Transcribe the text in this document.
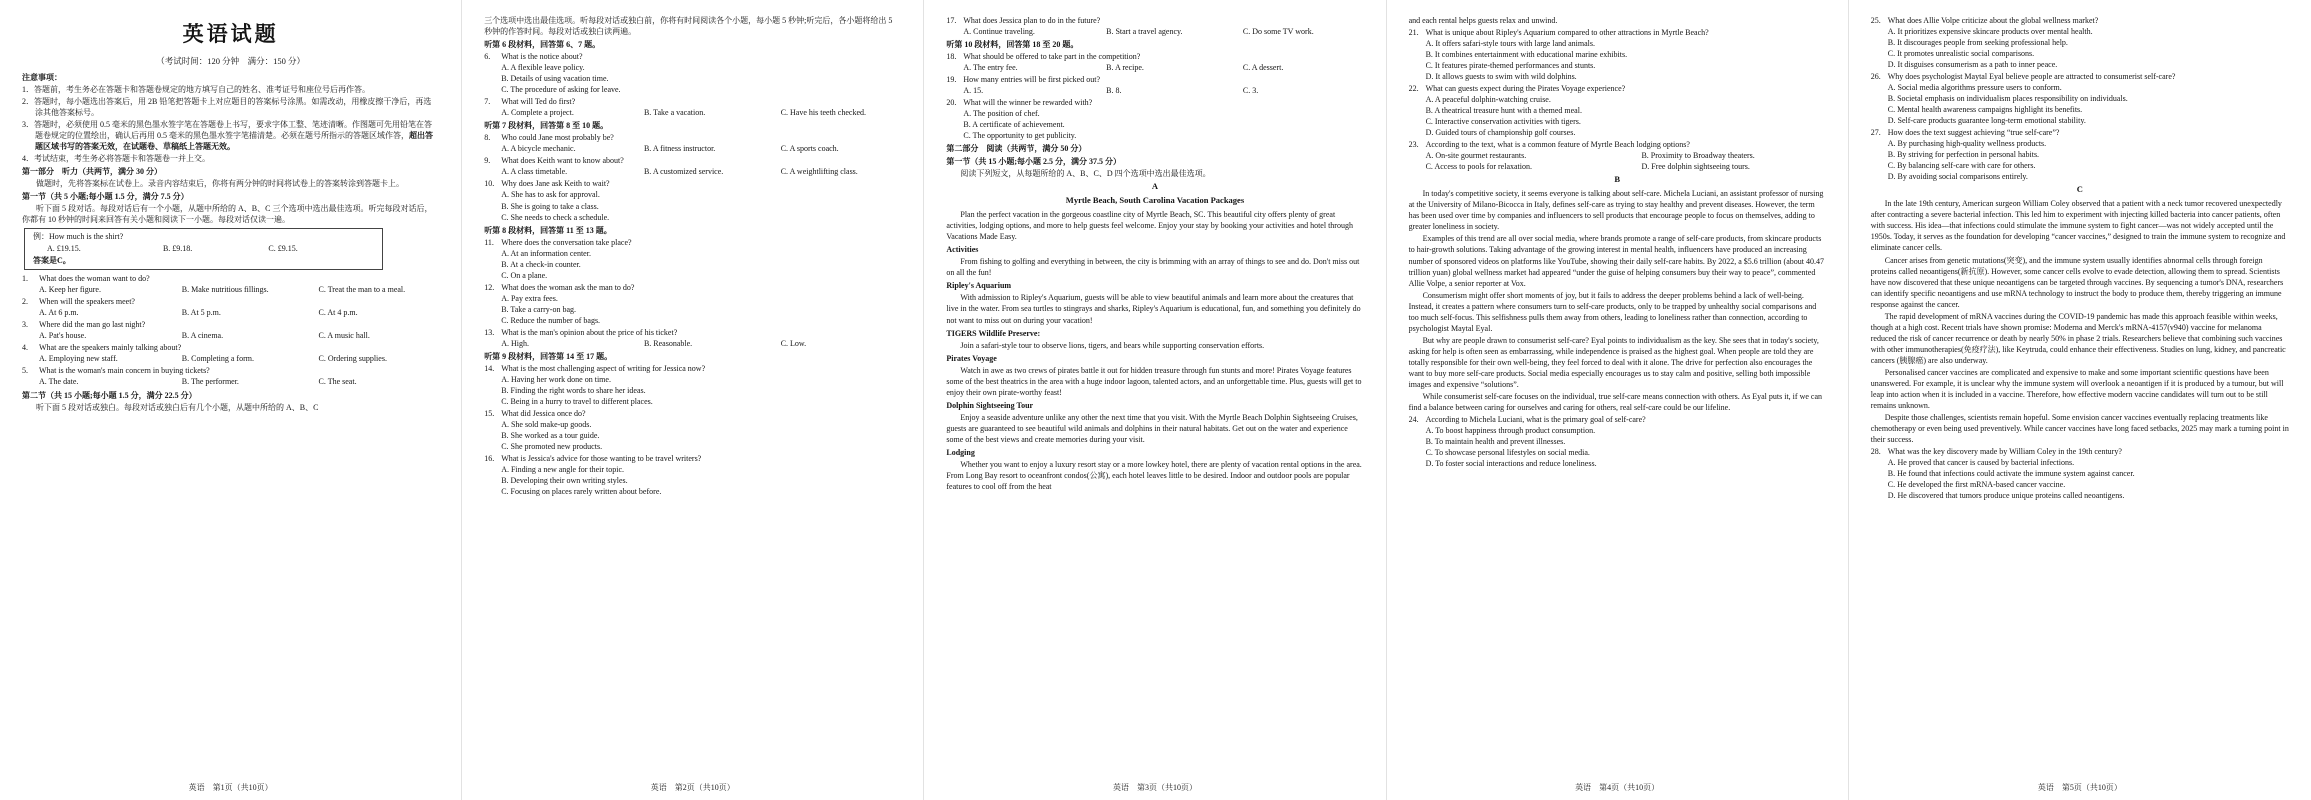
英语试题
（考试时间：120 分钟　满分：150 分）
注意事项：

1．答题前，考生务必在答题卡和答题卷规定的地方填写自己的姓名、准考证号和座位号后再作答。

2．答题时，每小题选出答案后，用 2B 铅笔把答题卡上对应题目的答案标号涂黑。如需改动，用橡皮擦干净后，再选涂其他答案标号。

3．答题时，必须使用 0.5 毫米的黑色墨水签字笔在答题卷上书写，要求字体工整、笔迹清晰。作图题可先用铅笔在答题卷规定的位置绘出，确认后再用 0.5 毫米的黑色墨水签字笔描清楚。必须在题号所指示的答题区域作答，超出答题区域书写的答案无效，在试题卷、草稿纸上答题无效。

4．考试结束，考生务必将答题卡和答题卷一并上交。

第一部分　听力（共两节，满分 30 分）

做题时，先将答案标在试卷上。录音内容结束后，你将有两分钟的时间将试卷上的答案转涂到答题卡上。

第一节（共 5 小题;每小题 1.5 分，满分 7.5 分）

听下面 5 段对话。每段对话后有一个小题，从题中所给的 A、B、C 三个选项中选出最佳选项。听完每段对话后，你都有 10 秒钟的时间来回答有关小题和阅读下一小题。每段对话仅读一遍。

例：How much is the shirt?
A. £19.15.	B. £9.18.	C. £9.15.
答案是C。
1.	What does the woman want to do?
A. Keep her figure.	B. Make nutritious fillings.	C. Treat the man to a meal.
2.	When will the speakers meet?
A. At 6 p.m.	B. At 5 p.m.	C. At 4 p.m.
3.	Where did the man go last night?
A. Pat's house.	B. A cinema.	C. A music hall.
4.	What are the speakers mainly talking about?
A. Employing new staff.	B. Completing a form.	C. Ordering supplies.
5.	What is the woman's main concern in buying tickets?
A. The date.	B. The performer.	C. The seat.
第二节（共 15 小题;每小题 1.5 分，满分 22.5 分）

听下面 5 段对话或独白。每段对话或独白后有几个小题，从题中所给的 A、B、C

英语　第1页（共10页）

三个选项中选出最佳选项。听每段对话或独白前，你将有时间阅读各个小题，每小题 5 秒钟;听完后，各小题将给出 5 秒钟的作答时间。每段对话或独白读两遍。

听第 6 段材料，回答第 6、7 题。
6.	What is the notice about?
A. A flexible leave policy.
B. Details of using vacation time.
C. The procedure of asking for leave.
7.	What will Ted do first?
A. Complete a project.	B. Take a vacation.	C. Have his teeth checked.
听第 7 段材料，回答第 8 至 10 题。
8.	Who could Jane most probably be?
A. A bicycle mechanic.	B. A fitness instructor.	C. A sports coach.
9.	What does Keith want to know about?
A. A class timetable.	B. A customized service.	C. A weightlifting class.
10. Why does Jane ask Keith to wait?
A. She has to ask for approval.
B. She is going to take a class.
C. She needs to check a schedule.
听第 8 段材料，回答第 11 至 13 题。
11. Where does the conversation take place?
A. At an information center.
B. At a check-in counter.
C. On a plane.
12. What does the woman ask the man to do?
A. Pay extra fees.
B. Take a carry-on bag.
C. Reduce the number of bags.
13. What is the man's opinion about the price of his ticket?
A. High.	B. Reasonable.	C. Low.
听第 9 段材料，回答第 14 至 17 题。
14. What is the most challenging aspect of writing for Jessica now?
A. Having her work done on time.
B. Finding the right words to share her ideas.
C. Being in a hurry to travel to different places.
15. What did Jessica once do?
A. She sold make-up goods.
B. She worked as a tour guide.
C. She promoted new products.
16. What is Jessica's advice for those wanting to be travel writers?
A. Finding a new angle for their topic.
B. Developing their own writing styles.
C. Focusing on places rarely written about before.
英语　第2页（共10页）
17. What does Jessica plan to do in the future?
A. Continue traveling.	B. Start a travel agency.	C. Do some TV work.
听第 10 段材料，回答第 18 至 20 题。
18. What should be offered to take part in the competition?
A. The entry fee.	B. A recipe.	C. A dessert.
19. How many entries will be first picked out?
A. 15.	B. 8.	C. 3.
20. What will the winner be rewarded with?
A. The position of chef.
B. A certificate of achievement.
C. The opportunity to get publicity.
第二部分　阅读（共两节，满分 50 分）
第一节（共 15 小题;每小题 2.5 分，满分 37.5 分）

阅读下列短文，从每题所给的 A、B、C、D 四个选项中选出最佳选项。

A
Myrtle Beach, South Carolina Vacation Packages

Plan the perfect vacation in the gorgeous coastline city of Myrtle Beach, SC. This beautiful city offers plenty of great activities, lodging options, and more to help guests feel welcome. Enjoy your stay by booking your activities and hotel through Vacations Made Easy.

Activities

From fishing to golfing and everything in between, the city is brimming with an array of things to see and do. Don't miss out on all the fun!

Ripley's Aquarium

With admission to Ripley's Aquarium, guests will be able to view beautiful animals and learn more about the creatures that live in the water. From sea turtles to stingrays and sharks, Ripley's Aquarium is educational, fun, and something you definitely do not want to miss out on during your vacation!

TIGERS Wildlife Preserve:

Join a safari-style tour to observe lions, tigers, and bears while supporting conservation efforts.

Pirates Voyage

Watch in awe as two crews of pirates battle it out for hidden treasure through fun stunts and more! Pirates Voyage features some of the best theatrics in the area with a huge indoor lagoon, talented actors, and an unforgettable time. Plus, guests will get to enjoy their own pirate-worthy feast!

Dolphin Sightseeing Tour

Enjoy a seaside adventure unlike any other the next time that you visit. With the Myrtle Beach Dolphin Sightseeing Cruises, guests are guaranteed to see beautiful wild animals and dolphins in their natural habitats. Get out on the water and experience some of the best views and create memories during your visit.

Lodging

Whether you want to enjoy a luxury resort stay or a more lowkey hotel, there are plenty of vacation rental options in the area. From Long Bay resort to oceanfront condos(公寓), each hotel leaves little to be desired. Indoor and outdoor pools are popular features to cool off from the heat

英语　第3页（共10页）

and each rental helps guests relax and unwind.

21. What is unique about Ripley's Aquarium compared to other attractions in Myrtle Beach?
A. It offers safari-style tours with large land animals.
B. It combines entertainment with educational marine exhibits.
C. It features pirate-themed performances and stunts.
D. It allows guests to swim with wild dolphins.
22. What can guests expect during the Pirates Voyage experience?
A. A peaceful dolphin-watching cruise.
B. A theatrical treasure hunt with a themed meal.
C. Interactive conservation activities with tigers.
D. Guided tours of championship golf courses.
23. According to the text, what is a common feature of Myrtle Beach lodging options?
A. On-site gourmet restaurants.	B. Proximity to Broadway theaters.
C. Access to pools for relaxation.	D. Free dolphin sightseeing tours.
B

In today's competitive society, it seems everyone is talking about self-care. Michela Luciani, an assistant professor of nursing at the University of Milano-Bicocca in Italy, defines self-care as trying to stay healthy and prevent diseases. However, the term has been used over time by companies and influencers to sell products that encourage people to focus on themselves, adding to greater loneliness in society.

Examples of this trend are all over social media, where brands promote a range of self-care products, from skincare products to hair-growth solutions. Taking advantage of the growing interest in mental health, influencers have produced an increasing number of sponsored videos on platforms like YouTube, showing their daily self-care habits. By 2022, a $5.6 trillion (about 40.47 trillion yuan) global wellness market had appeared “under the guise of helping consumers buy their way to peace”, commented Allie Volpe, a senior reporter at Vox.

Consumerism might offer short moments of joy, but it fails to address the deeper problems behind a lack of well-being. Instead, it creates a pattern where consumers turn to self-care products, only to be trapped by unhealthy social comparisons and too much self-focus. This selfishness pulls them away from others, leading to loneliness rather than connection, according to psychologist Maytal Eyal.

But why are people drawn to consumerist self-care? Eyal points to individualism as the key. She sees that in today's society, asking for help is often seen as embarrassing, while independence is praised as the highest goal. When people are told they are totally responsible for their own well-being, they feel forced to deal with it alone. The drive for perfection also encourages the want to buy more self-care products. Social media especially encourages us to stay calm and positive, selling both impossible images and expensive “solutions”.

While consumerist self-care focuses on the individual, true self-care means connection with others. As Eyal puts it, if we can find a balance between caring for ourselves and caring for others, real self-care could be our lifeline.

24. According to Michela Luciani, what is the primary goal of self-care?
A. To boost happiness through product consumption.
B. To maintain health and prevent illnesses.
C. To showcase personal lifestyles on social media.
D. To foster social interactions and reduce loneliness.
英语　第4页（共10页）
25. What does Allie Volpe criticize about the global wellness market?
A. It prioritizes expensive skincare products over mental health.
B. It discourages people from seeking professional help.
C. It promotes unrealistic social comparisons.
D. It disguises consumerism as a path to inner peace.
26. Why does psychologist Maytal Eyal believe people are attracted to consumerist self-care?
A. Social media algorithms pressure users to conform.
B. Societal emphasis on individualism places responsibility on individuals.
C. Mental health awareness campaigns highlight its benefits.
D. Self-care products guarantee long-term emotional stability.
27. How does the text suggest achieving “true self-care”?
A. By purchasing high-quality wellness products.
B. By striving for perfection in personal habits.
C. By balancing self-care with care for others.
D. By avoiding social comparisons entirely.
C

In the late 19th century, American surgeon William Coley observed that a patient with a neck tumor recovered unexpectedly after contracting a severe bacterial infection. This led him to experiment with injecting killed bacteria into cancer patients, often with success. His idea—that infections could stimulate the immune system to fight cancer—was not widely accepted until the 1950s. Today, it serves as the foundation for developing “cancer vaccines,” designed to train the immune system to recognize and eliminate cancer cells.

Cancer arises from genetic mutations(突变), and the immune system usually identifies abnormal cells through foreign proteins called neoantigens(新抗原). However, some cancer cells evolve to evade detection, allowing them to spread. Scientists have now discovered that these unique neoantigens can be targeted through vaccines. By sequencing a tumor's DNA, researchers can identify specific neoantigens and use mRNA technology to instruct the body to produce them, thereby triggering an immune response against the cancer.

The rapid development of mRNA vaccines during the COVID-19 pandemic has made this approach feasible within weeks, though at a high cost. Recent trials have shown promise: Moderna and Merck's mRNA-4157(v940) vaccine for melanoma reduced the risk of cancer recurrence or death by nearly 50% in phase 2 trials. Researchers believe that combining such vaccines with other immunotherapies(免疫疗法), like Keytruda, could enhance their effectiveness. Studies on lung, kidney, and pancreatic cancers (胰腺癌) are also underway.

Personalised cancer vaccines are complicated and expensive to make and some important scientific questions have been unanswered. For example, it is unclear why the immune system will overlook a neoantigen if it is produced by a tumour, but will leap into action when it is included in a vaccine. Therefore, how effective modern vaccine candidates will turn out to be still remains unknown.

Despite those challenges, scientists remain hopeful. Some envision cancer vaccines eventually replacing treatments like chemotherapy or even being used preventively. While cancer vaccines have long faced setbacks, 2025 may mark a turning point in their success.

28. What was the key discovery made by William Coley in the 19th century?
A. He proved that cancer is caused by bacterial infections.
B. He found that infections could activate the immune system against cancer.
C. He developed the first mRNA-based cancer vaccine.
D. He discovered that tumors produce unique proteins called neoantigens.
英语　第5页（共10页）
